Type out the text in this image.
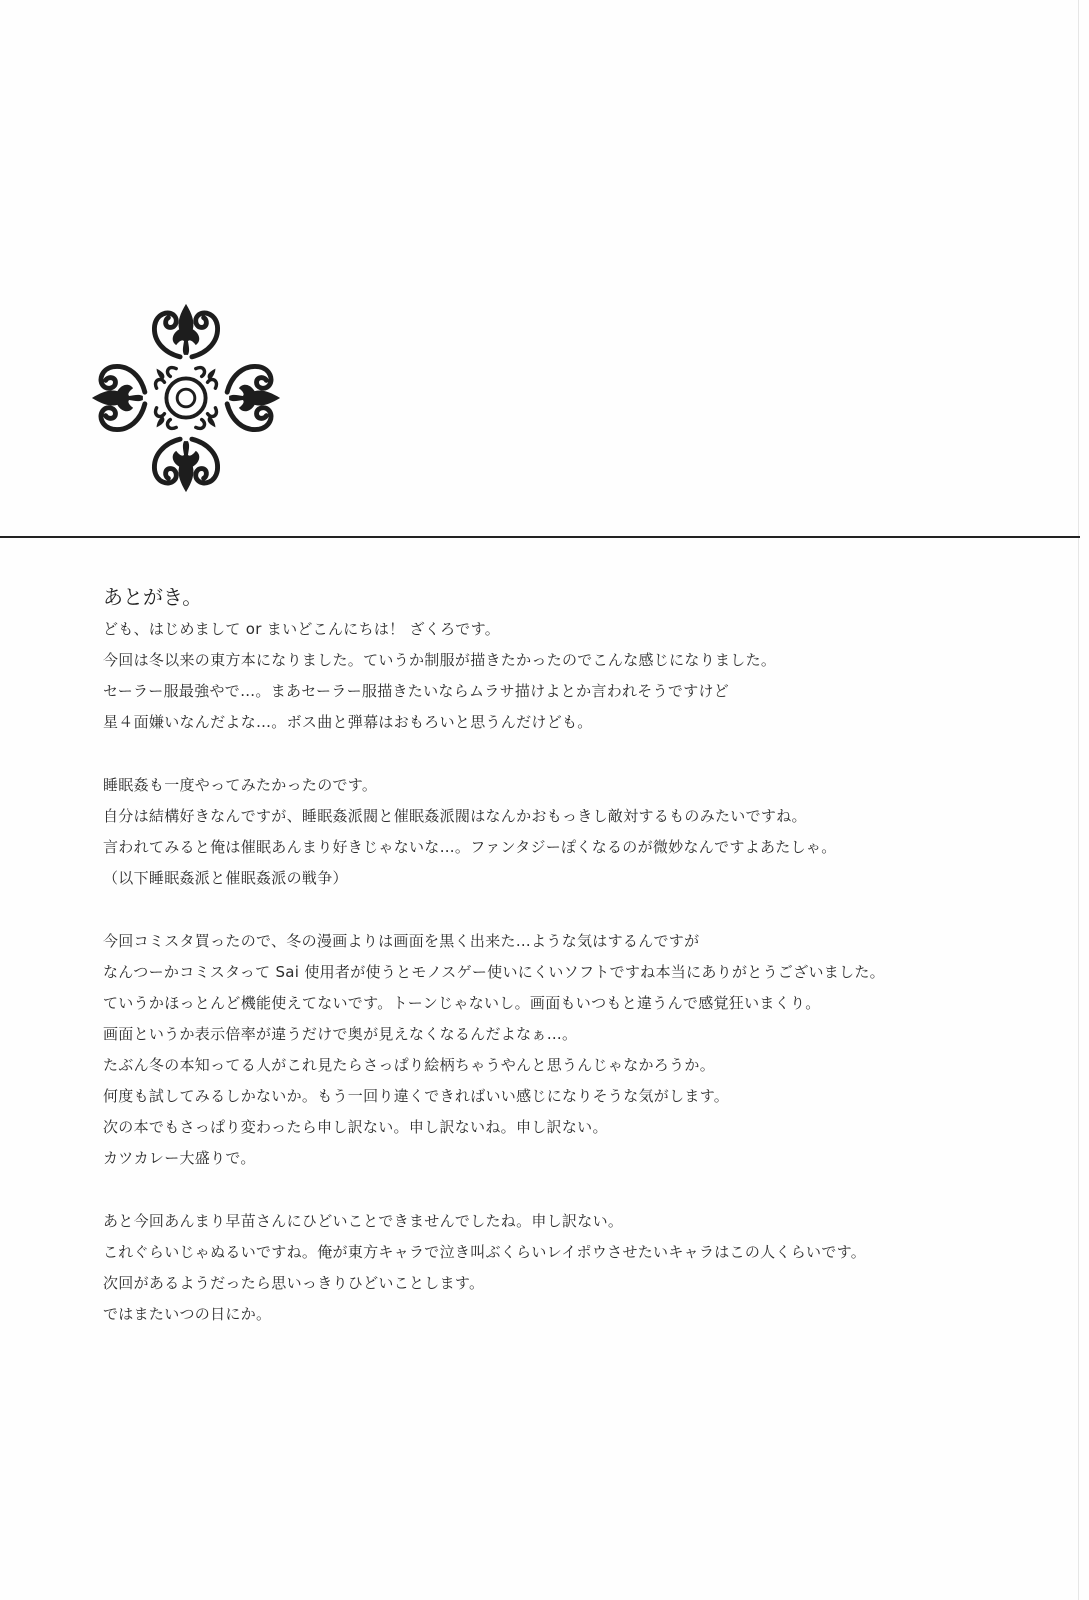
あとがき。
ども、はじめまして or まいどこんにちは！ ざくろです。
今回は冬以来の東方本になりました。ていうか制服が描きたかったのでこんな感じになりました。
セーラー服最強やで…。まあセーラー服描きたいならムラサ描けよとか言われそうですけど
星４面嫌いなんだよな…。ボス曲と弾幕はおもろいと思うんだけども。
睡眠姦も一度やってみたかったのです。
自分は結構好きなんですが、睡眠姦派閥と催眠姦派閥はなんかおもっきし敵対するものみたいですね。
言われてみると俺は催眠あんまり好きじゃないな…。ファンタジーぽくなるのが微妙なんですよあたしゃ。
（以下睡眠姦派と催眠姦派の戦争）
今回コミスタ買ったので、冬の漫画よりは画面を黒く出来た…ような気はするんですが
なんつーかコミスタって Sai 使用者が使うとモノスゲー使いにくいソフトですね本当にありがとうございました。
ていうかほっとんど機能使えてないです。トーンじゃないし。画面もいつもと違うんで感覚狂いまくり。
画面というか表示倍率が違うだけで奥が見えなくなるんだよなぁ…。
たぶん冬の本知ってる人がこれ見たらさっぱり絵柄ちゃうやんと思うんじゃなかろうか。
何度も試してみるしかないか。もう一回り違くできればいい感じになりそうな気がします。
次の本でもさっぱり変わったら申し訳ない。申し訳ないね。申し訳ない。
カツカレー大盛りで。
あと今回あんまり早苗さんにひどいことできませんでしたね。申し訳ない。
これぐらいじゃぬるいですね。俺が東方キャラで泣き叫ぶくらいレイポウさせたいキャラはこの人くらいです。
次回があるようだったら思いっきりひどいことします。
ではまたいつの日にか。
